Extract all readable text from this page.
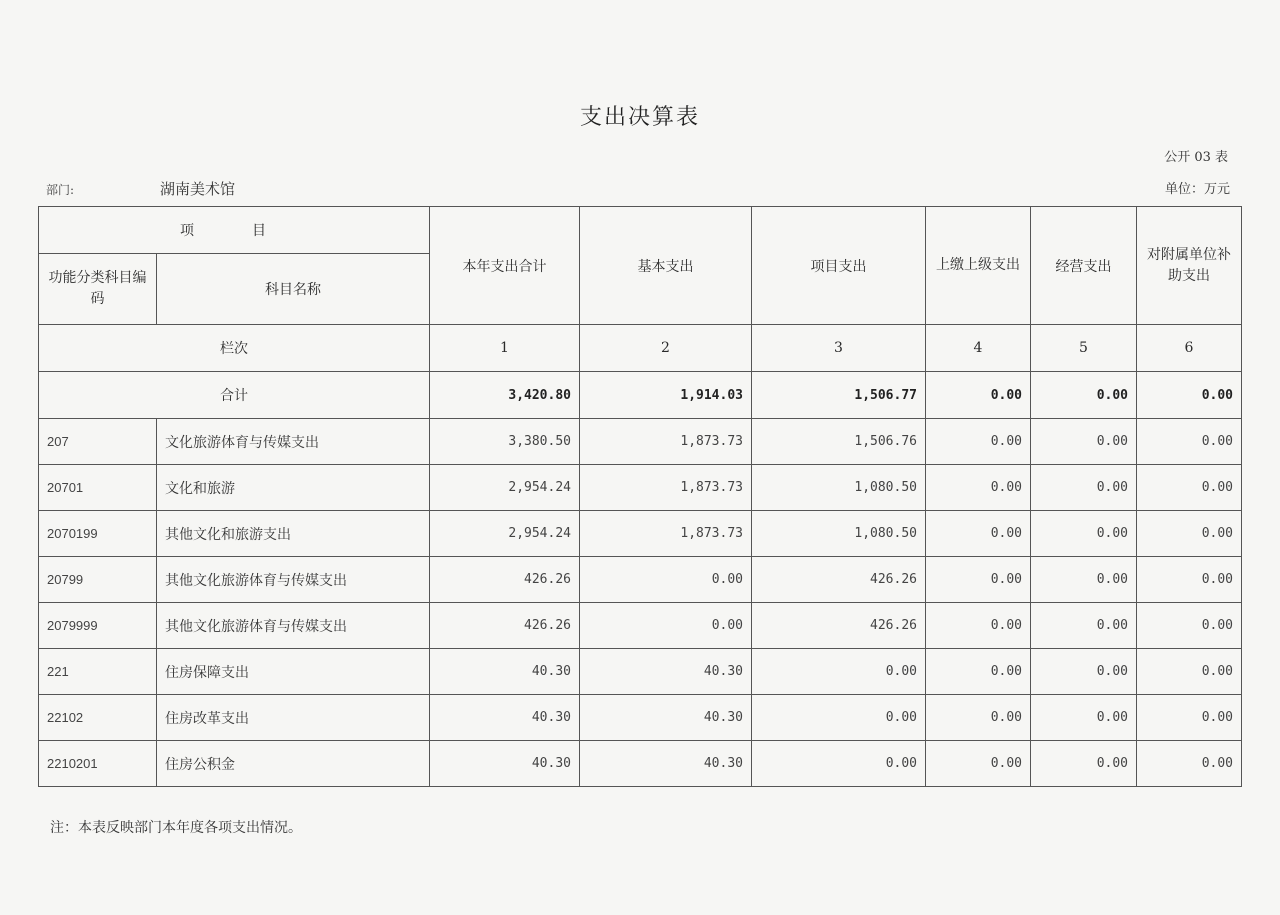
支出决算表
公开 03 表
部门:	湖南美术馆	单位：万元
项　目		本年支出合计	基本支出	项目支出	上缴上级支出	经营支出	对附属单位补助支出
功能分类科目编码	科目名称						
栏次		1	2	3	4	5	6
合计		3,420.80	1,914.03	1,506.77	0.00	0.00	0.00
207	文化旅游体育与传媒支出	3,380.50	1,873.73	1,506.76	0.00	0.00	0.00
20701	文化和旅游	2,954.24	1,873.73	1,080.50	0.00	0.00	0.00
2070199	其他文化和旅游支出	2,954.24	1,873.73	1,080.50	0.00	0.00	0.00
20799	其他文化旅游体育与传媒支出	426.26	0.00	426.26	0.00	0.00	0.00
2079999	其他文化旅游体育与传媒支出	426.26	0.00	426.26	0.00	0.00	0.00
221	住房保障支出	40.30	40.30	0.00	0.00	0.00	0.00
22102	住房改革支出	40.30	40.30	0.00	0.00	0.00	0.00
2210201	住房公积金	40.30	40.30	0.00	0.00	0.00	0.00
注：本表反映部门本年度各项支出情况。
